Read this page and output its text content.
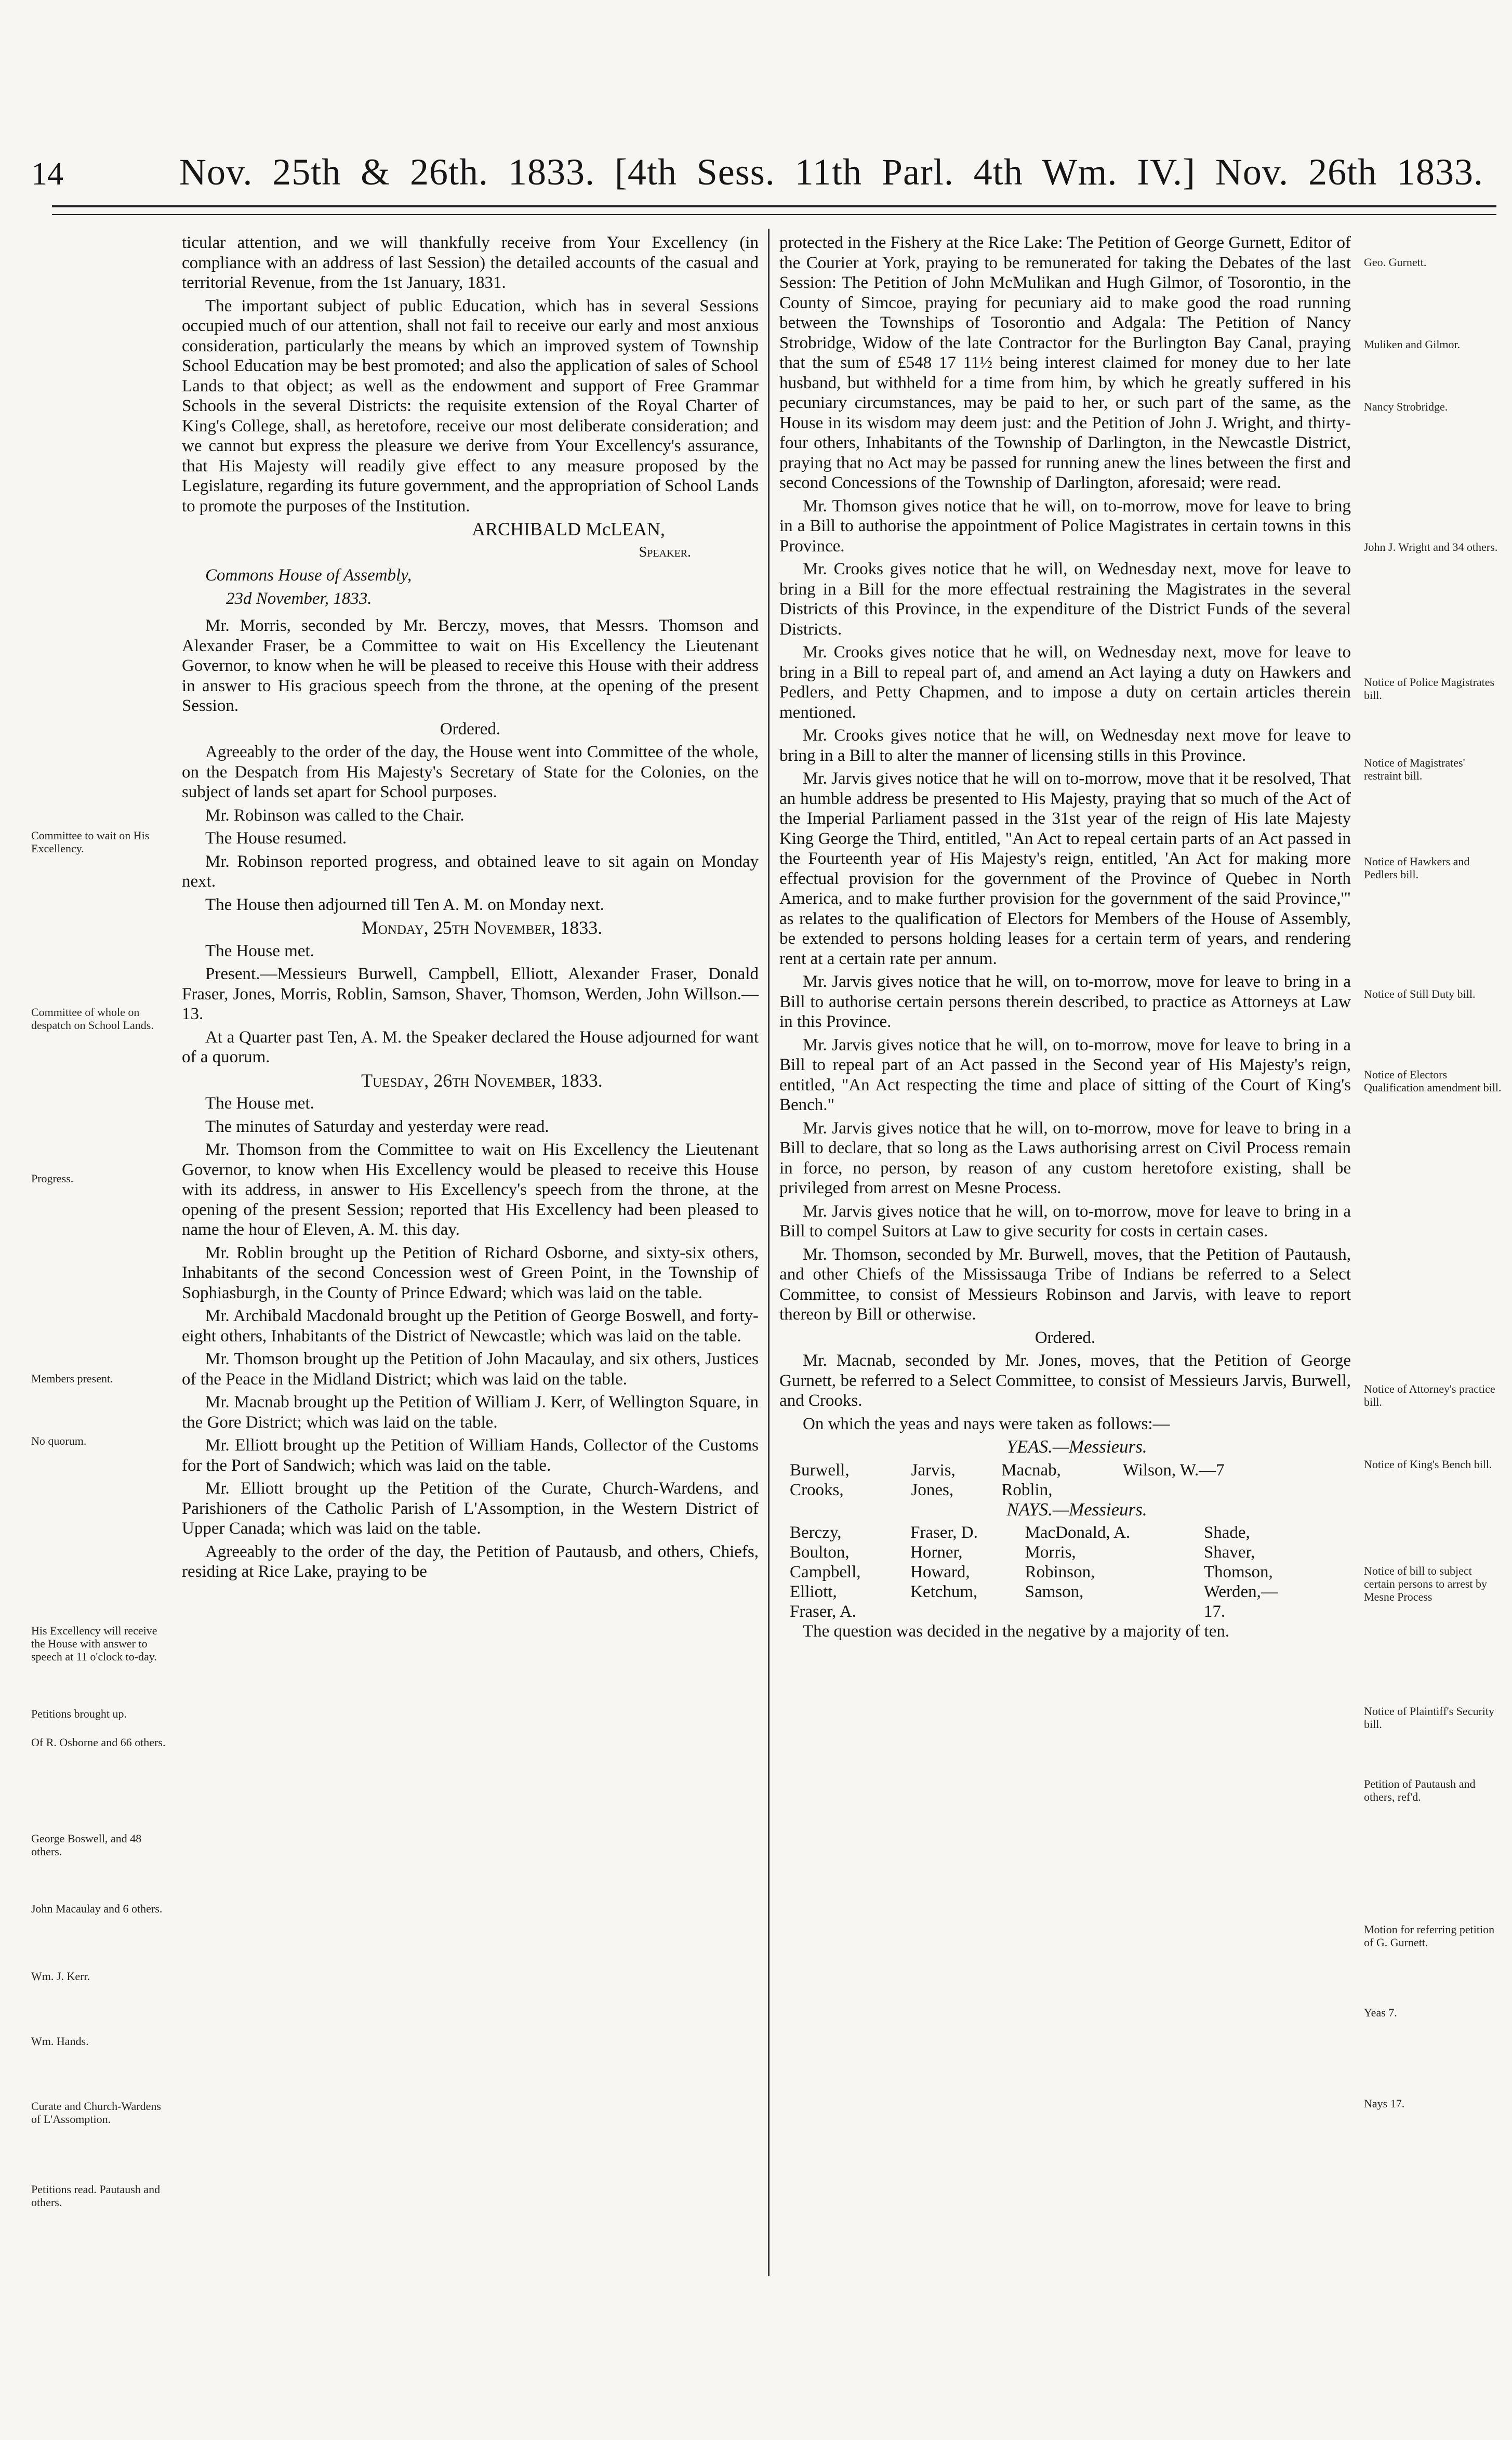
14	Nov. 25th & 26th. 1833. [4th Sess. 11th Parl. 4th Wm. IV.] Nov. 26th 1833.

ticular attention, and we will thankfully receive from Your Excellency (in compliance with an address of last Session) the detailed accounts of the casual and territorial Revenue, from the 1st January, 1831.

The important subject of public Education, which has in several Sessions occupied much of our attention, shall not fail to receive our early and most anxious consideration, particularly the means by which an improved system of Township School Education may be best promoted; and also the application of sales of School Lands to that object; as well as the endowment and support of Free Grammar Schools in the several Districts: the requisite extension of the Royal Charter of King's College, shall, as heretofore, receive our most deliberate consideration; and we cannot but express the pleasure we derive from Your Excellency's assurance, that His Majesty will readily give effect to any measure proposed by the Legislature, regarding its future government, and the appropriation of School Lands to promote the purposes of the Institution.

ARCHIBALD McLEAN,

Speaker.

Commons House of Assembly,

23d November, 1833.

Mr. Morris, seconded by Mr. Berczy, moves, that Messrs. Thomson and Alexander Fraser, be a Committee to wait on His Excellency the Lieutenant Governor, to know when he will be pleased to receive this House with their address in answer to His gracious speech from the throne, at the opening of the present Session.

Ordered.

Agreeably to the order of the day, the House went into Committee of the whole, on the Despatch from His Majesty's Secretary of State for the Colonies, on the subject of lands set apart for School purposes.

Mr. Robinson was called to the Chair.

The House resumed.

Mr. Robinson reported progress, and obtained leave to sit again on Monday next.

The House then adjourned till Ten A. M. on Monday next.

Monday, 25th November, 1833.

The House met.

Present.—Messieurs Burwell, Campbell, Elliott, Alexander Fraser, Donald Fraser, Jones, Morris, Roblin, Samson, Shaver, Thomson, Werden, John Willson.—13.

At a Quarter past Ten, A. M. the Speaker declared the House adjourned for want of a quorum.

Tuesday, 26th November, 1833.

The House met.

The minutes of Saturday and yesterday were read.

Mr. Thomson from the Committee to wait on His Excellency the Lieutenant Governor, to know when His Excellency would be pleased to receive this House with its address, in answer to His Excellency's speech from the throne, at the opening of the present Session; reported that His Excellency had been pleased to name the hour of Eleven, A. M. this day.

Mr. Roblin brought up the Petition of Richard Osborne, and sixty-six others, Inhabitants of the second Concession west of Green Point, in the Township of Sophiasburgh, in the County of Prince Edward; which was laid on the table.

Mr. Archibald Macdonald brought up the Petition of George Boswell, and forty-eight others, Inhabitants of the District of Newcastle; which was laid on the table.

Mr. Thomson brought up the Petition of John Macaulay, and six others, Justices of the Peace in the Midland District; which was laid on the table.

Mr. Macnab brought up the Petition of William J. Kerr, of Wellington Square, in the Gore District; which was laid on the table.

Mr. Elliott brought up the Petition of William Hands, Collector of the Customs for the Port of Sandwich; which was laid on the table.

Mr. Elliott brought up the Petition of the Curate, Church-Wardens, and Parishioners of the Catholic Parish of L'Assomption, in the Western District of Upper Canada; which was laid on the table.

Agreeably to the order of the day, the Petition of Pautausb, and others, Chiefs, residing at Rice Lake, praying to be

Committee to wait on His Excellency.
Committee of whole on despatch on School Lands.
Progress.
Members present.
No quorum.
His Excellency will receive the House with answer to speech at 11 o'clock to-day.
Petitions brought up.
Of R. Osborne and 66 others.
George Boswell, and 48 others.
John Macaulay and 6 others.
Wm. J. Kerr.
Wm. Hands.
Curate and Church-Wardens of L'Assomption.
Petitions read. Pautaush and others.

protected in the Fishery at the Rice Lake: The Petition of George Gurnett, Editor of the Courier at York, praying to be remunerated for taking the Debates of the last Session: The Petition of John McMulikan and Hugh Gilmor, of Tosorontio, in the County of Simcoe, praying for pecuniary aid to make good the road running between the Townships of Tosorontio and Adgala: The Petition of Nancy Strobridge, Widow of the late Contractor for the Burlington Bay Canal, praying that the sum of £548 17 11½ being interest claimed for money due to her late husband, but withheld for a time from him, by which he greatly suffered in his pecuniary circumstances, may be paid to her, or such part of the same, as the House in its wisdom may deem just: and the Petition of John J. Wright, and thirty-four others, Inhabitants of the Township of Darlington, in the Newcastle District, praying that no Act may be passed for running anew the lines between the first and second Concessions of the Township of Darlington, aforesaid; were read.

Mr. Thomson gives notice that he will, on to-morrow, move for leave to bring in a Bill to authorise the appointment of Police Magistrates in certain towns in this Province.

Mr. Crooks gives notice that he will, on Wednesday next, move for leave to bring in a Bill for the more effectual restraining the Magistrates in the several Districts of this Province, in the expenditure of the District Funds of the several Districts.

Mr. Crooks gives notice that he will, on Wednesday next, move for leave to bring in a Bill to repeal part of, and amend an Act laying a duty on Hawkers and Pedlers, and Petty Chapmen, and to impose a duty on certain articles therein mentioned.

Mr. Crooks gives notice that he will, on Wednesday next move for leave to bring in a Bill to alter the manner of licensing stills in this Province.

Mr. Jarvis gives notice that he will on to-morrow, move that it be resolved, That an humble address be presented to His Majesty, praying that so much of the Act of the Imperial Parliament passed in the 31st year of the reign of His late Majesty King George the Third, entitled, "An Act to repeal certain parts of an Act passed in the Fourteenth year of His Majesty's reign, entitled, 'An Act for making more effectual provision for the government of the Province of Quebec in North America, and to make further provision for the government of the said Province,'" as relates to the qualification of Electors for Members of the House of Assembly, be extended to persons holding leases for a certain term of years, and rendering rent at a certain rate per annum.

Mr. Jarvis gives notice that he will, on to-morrow, move for leave to bring in a Bill to authorise certain persons therein described, to practice as Attorneys at Law in this Province.

Mr. Jarvis gives notice that he will, on to-morrow, move for leave to bring in a Bill to repeal part of an Act passed in the Second year of His Majesty's reign, entitled, "An Act respecting the time and place of sitting of the Court of King's Bench."

Mr. Jarvis gives notice that he will, on to-morrow, move for leave to bring in a Bill to declare, that so long as the Laws authorising arrest on Civil Process remain in force, no person, by reason of any custom heretofore existing, shall be privileged from arrest on Mesne Process.

Mr. Jarvis gives notice that he will, on to-morrow, move for leave to bring in a Bill to compel Suitors at Law to give security for costs in certain cases.

Mr. Thomson, seconded by Mr. Burwell, moves, that the Petition of Pautaush, and other Chiefs of the Mississauga Tribe of Indians be referred to a Select Committee, to consist of Messieurs Robinson and Jarvis, with leave to report thereon by Bill or otherwise.

Ordered.

Mr. Macnab, seconded by Mr. Jones, moves, that the Petition of George Gurnett, be referred to a Select Committee, to consist of Messieurs Jarvis, Burwell, and Crooks.

On which the yeas and nays were taken as follows:—

YEAS.—Messieurs.

Burwell,	Jarvis,	Macnab,	Wilson, W.—7
Crooks,	Jones,	Roblin,	

NAYS.—Messieurs.

Berczy,	Fraser, D.	MacDonald, A.	Shade,
Boulton,	Horner,	Morris,	Shaver,
Campbell,	Howard,	Robinson,	Thomson,
Elliott,	Ketchum,	Samson,	Werden,—
Fraser, A.			17.

The question was decided in the negative by a majority of ten.

Geo. Gurnett.
Muliken and Gilmor.
Nancy Strobridge.
John J. Wright and 34 others.
Notice of Police Magistrates bill.
Notice of Magistrates' restraint bill.
Notice of Hawkers and Pedlers bill.
Notice of Still Duty bill.
Notice of Electors Qualification amendment bill.
Notice of Attorney's practice bill.
Notice of King's Bench bill.
Notice of bill to subject certain persons to arrest by Mesne Process
Notice of Plaintiff's Security bill.
Petition of Pautaush and others, ref'd.
Motion for referring petition of G. Gurnett.
Yeas 7.
Nays 17.
